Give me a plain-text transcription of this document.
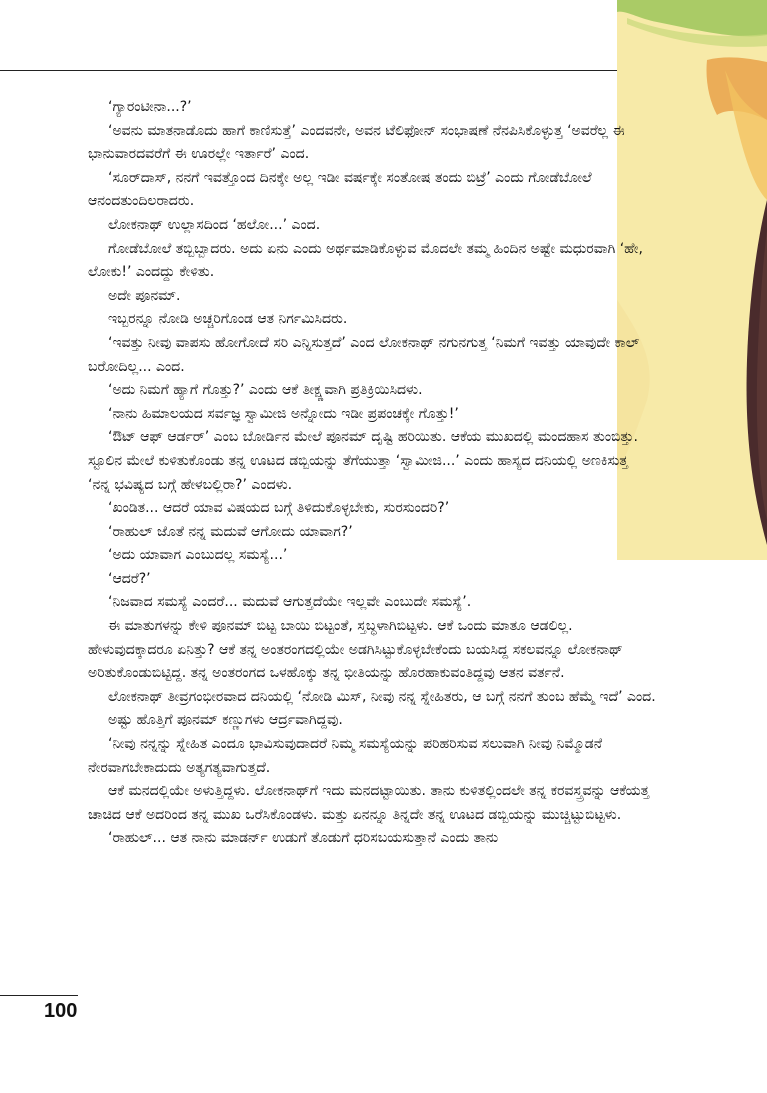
‘ಗ್ಯಾರಂಟೀನಾ...?’

‘ಅವನು ಮಾತನಾಡೊದು ಹಾಗೆ ಕಾಣಿಸುತ್ತೆ’ ಎಂದವನೇ, ಅವನ ಟೆಲಿಫೋನ್ ಸಂಭಾಷಣೆ ನೆನಪಿಸಿಕೊಳ್ಳುತ್ತ ‘ಅವರೆಲ್ಲ ಈ ಭಾನುವಾರದವರೆಗೆ ಈ ಊರಲ್ಲೇ ಇರ್ತಾರೆ’ ಎಂದ.

‘ಸೂರ್‌ದಾಸ್, ನನಗೆ ಇವತ್ತೊಂದ ದಿನಕ್ಕೇ ಅಲ್ಲ ಇಡೀ ವರ್ಷಕ್ಕೇ ಸಂತೋಷ ತಂದು ಬಿಟ್ರೆ’ ಎಂದು ಗೋಡೆಬೋಲೆ ಆನಂದತುಂದಿಲರಾದರು.

ಲೋಕನಾಥ್ ಉಲ್ಲಾಸದಿಂದ ‘ಹಲೋ...’ ಎಂದ.

ಗೋಡೆಬೋಲೆ ತಬ್ಬಿಬ್ಬಾದರು. ಅದು ಏನು ಎಂದು ಅರ್ಥಮಾಡಿಕೊಳ್ಳುವ ಮೊದಲೇ ತಮ್ಮ ಹಿಂದಿನ ಅಷ್ಟೇ ಮಧುರವಾಗಿ ‘ಹೇ, ಲೋಕು!’ ಎಂದದ್ದು ಕೇಳಿತು.

ಅದೇ ಪೂನಮ್.

ಇಬ್ಬರನ್ನೂ ನೋಡಿ ಅಚ್ಚರಿಗೊಂಡ ಆತ ನಿರ್ಗಮಿಸಿದರು.

‘ಇವತ್ತು ನೀವು ವಾಪಸು ಹೋಗೋದೆ ಸರಿ ಎನ್ನಿಸುತ್ತದೆ’ ಎಂದ ಲೋಕನಾಥ್ ನಗುನಗುತ್ತ ‘ನಿಮಗೆ ಇವತ್ತು ಯಾವುದೇ ಕಾಲ್ ಬರೋದಿಲ್ಲ... ಎಂದ.

‘ಅದು ನಿಮಗೆ ಹ್ಯಾಗೆ ಗೊತ್ತು?’ ಎಂದು ಆಕೆ ತೀಕ್ಷ್ಣವಾಗಿ ಪ್ರತಿಕ್ರಿಯಿಸಿದಳು.

‘ನಾನು ಹಿಮಾಲಯದ ಸರ್ವಜ್ಞ ಸ್ವಾಮೀಜಿ ಅನ್ನೋದು ಇಡೀ ಪ್ರಪಂಚಕ್ಕೇ ಗೊತ್ತು!’

‘ಔಟ್ ಆಫ್ ಆರ್ಡರ್’ ಎಂಬ ಬೋರ್ಡಿನ ಮೇಲೆ ಪೂನಮ್ ದೃಷ್ಟಿ ಹರಿಯಿತು. ಆಕೆಯ ಮುಖದಲ್ಲಿ ಮಂದಹಾಸ ತುಂಬಿತ್ತು. ಸ್ಟೂಲಿನ ಮೇಲೆ ಕುಳಿತುಕೊಂಡು ತನ್ನ ಊಟದ ಡಬ್ಬಿಯನ್ನು ತೆಗೆಯುತ್ತಾ ‘ಸ್ವಾಮೀಜಿ...’ ಎಂದು ಹಾಸ್ಯದ ದನಿಯಲ್ಲಿ ಅಣಕಿಸುತ್ತ ‘ನನ್ನ ಭವಿಷ್ಯದ ಬಗ್ಗೆ ಹೇಳಬಲ್ಲಿರಾ?’ ಎಂದಳು.

‘ಖಂಡಿತ... ಆದರೆ ಯಾವ ವಿಷಯದ ಬಗ್ಗೆ ತಿಳಿದುಕೊಳ್ಳಬೇಕು, ಸುರಸುಂದರಿ?’

‘ರಾಹುಲ್ ಜೊತೆ ನನ್ನ ಮದುವೆ ಆಗೋದು ಯಾವಾಗ?’

‘ಅದು ಯಾವಾಗ ಎಂಬುದಲ್ಲ ಸಮಸ್ಯೆ...’

‘ಆದರೆ?’

‘ನಿಜವಾದ ಸಮಸ್ಯೆ ಎಂದರೆ... ಮದುವೆ ಆಗುತ್ತದೆಯೇ ಇಲ್ಲವೇ ಎಂಬುದೇ ಸಮಸ್ಯೆ’.

ಈ ಮಾತುಗಳನ್ನು ಕೇಳಿ ಪೂನಮ್ ಬಿಟ್ಟ ಬಾಯಿ ಬಿಟ್ಟಂತೆ, ಸ್ತಬ್ಧಳಾಗಿಬಿಟ್ಟಳು. ಆಕೆ ಒಂದು ಮಾತೂ ಆಡಲಿಲ್ಲ. ಹೇಳುವುದಕ್ಕಾದರೂ ಏನಿತ್ತು? ಆಕೆ ತನ್ನ ಅಂತರಂಗದಲ್ಲಿಯೇ ಅಡಗಿಸಿಟ್ಟುಕೊಳ್ಳಬೇಕೆಂದು ಬಯಸಿದ್ದ ಸಕಲವನ್ನೂ ಲೋಕನಾಥ್ ಅರಿತುಕೊಂಡುಬಿಟ್ಟಿದ್ದ. ತನ್ನ ಅಂತರಂಗದ ಒಳಹೊಕ್ಕು ತನ್ನ ಭೀತಿಯನ್ನು ಹೊರಹಾಕುವಂತಿದ್ದವು ಆತನ ವರ್ತನೆ.

ಲೋಕನಾಥ್ ತೀವ್ರಗಂಭೀರವಾದ ದನಿಯಲ್ಲಿ ‘ನೋಡಿ ಮಿಸ್, ನೀವು ನನ್ನ ಸ್ನೇಹಿತರು, ಆ ಬಗ್ಗೆ ನನಗೆ ತುಂಬ ಹೆಮ್ಮೆ ಇದೆ’ ಎಂದ.

ಅಷ್ಟು ಹೊತ್ತಿಗೆ ಪೂನಮ್ ಕಣ್ಣುಗಳು ಆರ್ದ್ರವಾಗಿದ್ದವು.

‘ನೀವು ನನ್ನನ್ನು ಸ್ನೇಹಿತ ಎಂದೂ ಭಾವಿಸುವುದಾದರೆ ನಿಮ್ಮ ಸಮಸ್ಯೆಯನ್ನು ಪರಿಹರಿಸುವ ಸಲುವಾಗಿ ನೀವು ನಿಮ್ಮೊಡನೆ ನೇರವಾಗಬೇಕಾದುದು ಅತ್ಯಗತ್ಯವಾಗುತ್ತದೆ.

ಆಕೆ ಮನದಲ್ಲಿಯೇ ಅಳುತ್ತಿದ್ದಳು. ಲೋಕನಾಥ್‌ಗೆ ಇದು ಮನದಟ್ಟಾಯಿತು. ತಾನು ಕುಳಿತಲ್ಲಿಂದಲೇ ತನ್ನ ಕರವಸ್ತ್ರವನ್ನು ಆಕೆಯತ್ತ ಚಾಚಿದ ಆಕೆ ಅದರಿಂದ ತನ್ನ ಮುಖ ಒರೆಸಿಕೊಂಡಳು. ಮತ್ತು ಏನನ್ನೂ ತಿನ್ನದೇ ತನ್ನ ಊಟದ ಡಬ್ಬಿಯನ್ನು ಮುಚ್ಚಿಟ್ಟುಬಿಟ್ಟಳು.

‘ರಾಹುಲ್... ಆತ ನಾನು ಮಾಡರ್ನ್ ಉಡುಗೆ ತೊಡುಗೆ ಧರಿಸಬಯಸುತ್ತಾನೆ ಎಂದು ತಾನು

100
